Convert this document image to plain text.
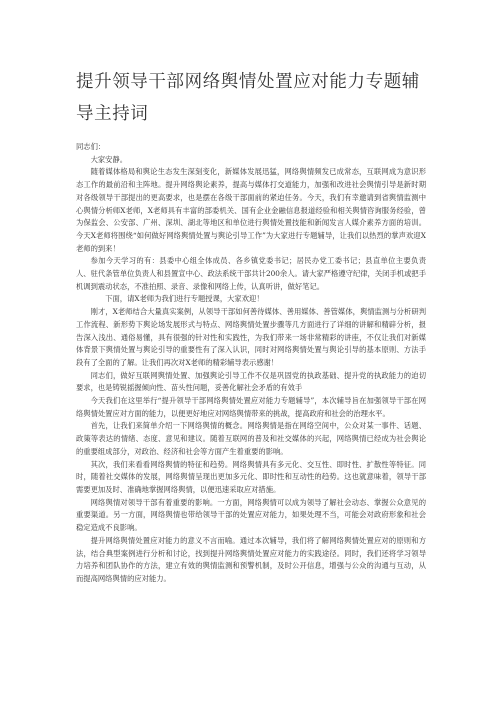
提升领导干部网络舆情处置应对能力专题辅导主持词

同志们：

大家安静。

随着媒体格局和舆论生态发生深刻变化，新媒体发展迅猛，网络舆情频发已成常态，互联网成为意识形态工作的最前沿和主阵地。提升网络舆论素养，提高与媒体打交道能力，加强和改进社会舆情引导是新时期对各级领导干部提出的更高要求，也是摆在各级干部面前的紧迫任务。今天，我们有幸邀请到省舆情监测中心舆情分析师X老师，X老师具有丰富的部委机关、国有企业金融信息报道经验和相关舆情咨询服务经验，曾为保监会、公安部、广州、深圳、湖北等地区和单位进行舆情处置技能和新闻发言人媒介素养方面的培训。今天X老师将围绕“如何做好网络舆情处置与舆论引导工作”为大家进行专题辅导，让我们以热烈的掌声欢迎X老师的到来！

参加今天学习的有：县委中心组全体成员、各乡镇党委书记；居民办党工委书记；县直单位主要负责人、驻代条管单位负责人和县置宣中心、政法系统干部共计200余人。请大家严格遵守纪律，关闭手机或把手机调到震动状态，不准拍照、录音、录像和网络上传，认真听讲，做好笔记。

下面，请X老师为我们进行专题授课，大家欢迎！

刚才，X老师结合大量真实案例，从领导干部如何善待媒体、善用媒体、善管媒体，舆情监测与分析研判工作流程、新形势下舆论场发展形式与特点、网络舆情处置步骤等几方面进行了详细的讲解和精辟分析，报告深入浅出、通俗易懂，具有很强的针对性和实践性，为我们带来一场非常精彩的讲座，不仅让我们对新媒体背景下舆情处置与舆论引导的重要性有了深入认识，同时对网络舆情处置与舆论引导的基本原则、方法手段有了全面的了解。让我们再次对X老师的精彩辅导表示感谢！

同志们，做好互联网舆情处置、加强舆论引导工作不仅是巩固党的执政基础、提升党的执政能力的迫切要求，也是铸锐摇握倾向性、苗头性问题，妥善化解社会矛盾的有效手

今天我们在这里举行“提升领导干部网络舆情处置应对能力专题辅导”，本次辅导旨在加强领导干部在网络舆情处置应对方面的能力，以便更好地应对网络舆情带来的挑战，提高政府和社会的治理水平。

首先，让我们来简单介绍一下网络舆情的概念。网络舆情是指在网络空间中，公众对某一事件、话题、政策等表达的情绪、态度、意见和建议。随着互联网的普及和社交媒体的兴起，网络舆情已经成为社会舆论的重要组成部分，对政治、经济和社会等方面产生着重要的影响。

其次，我们来看看网络舆情的特征和趋势。网络舆情具有多元化、交互性、即时性、扩散性等特征。同时，随着社交媒体的发展，网络舆情呈现出更加多元化、即时性和互动性的趋势。这也就意味着，领导干部需要更加及时、准确地掌握网络舆情，以便迅速采取应对措施。

网络舆情对领导干部有着重要的影响。一方面，网络舆情可以成为领导了解社会动态、掌握公众意见的重要渠道。另一方面，网络舆情也带给领导干部的处置应对能力，如果处理不当，可能会对政府形象和社会稳定造成不良影响。

提升网络舆情处置应对能力的意义不言而喻。通过本次辅导，我们将了解网络舆情处置应对的原则和方法，结合典型案例进行分析和讨论，找到提升网络舆情处置应对能力的实践途径。同时，我们还将学习领导力培养和团队协作的方法，建立有效的舆情监测和预警机制，及时公开信息，增强与公众的沟通与互动，从而提高网络舆情的应对能力。
